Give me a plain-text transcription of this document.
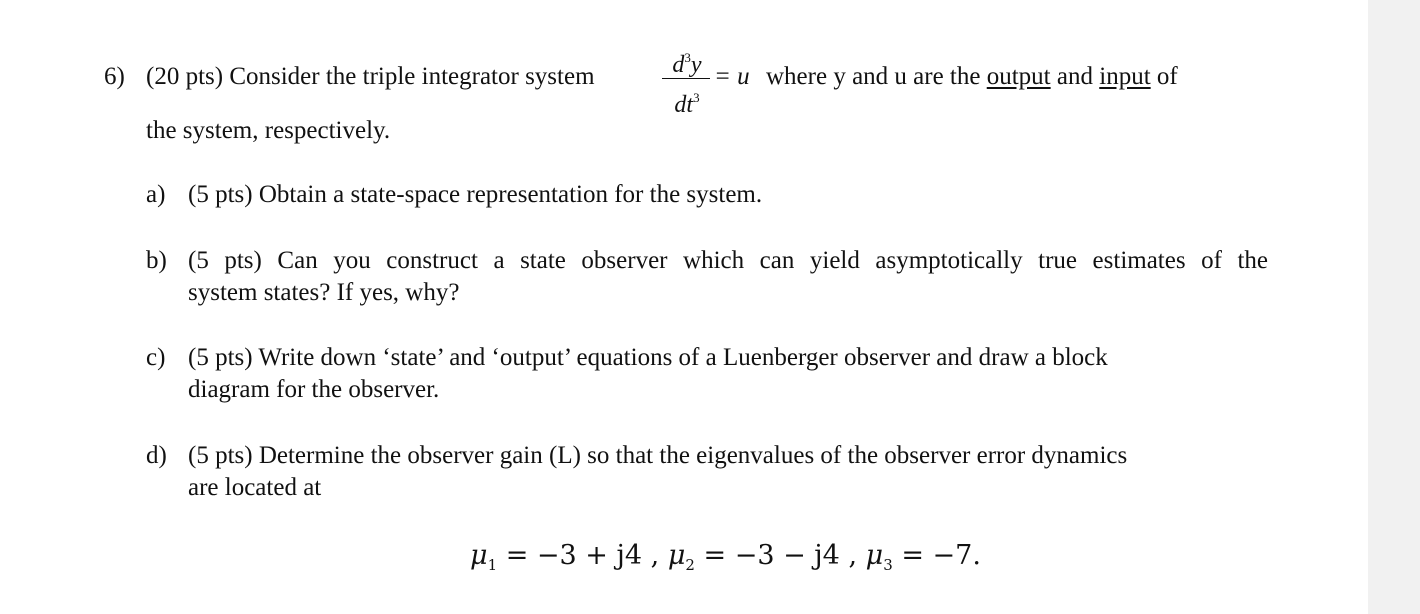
6) (20 pts) Consider the triple integrator system	$d^3y$
$dt^3$
= u where y and u are the output and input of
the system, respectively.
a) (5 pts) Obtain a state-space representation for the system.
b) (5 pts) Can you construct a state observer which can yield asymptotically true estimates of the
system states? If yes, why?
c) (5 pts) Write down ‘state’ and ‘output’ equations of a Luenberger observer and draw a block
diagram for the observer.
d) (5 pts) Determine the observer gain (L) so that the eigenvalues of the observer error dynamics
are located at
$\mu_1 = -3 + j4$ , $\mu_2 = -3 - j4$ , $\mu_3 = -7$.
